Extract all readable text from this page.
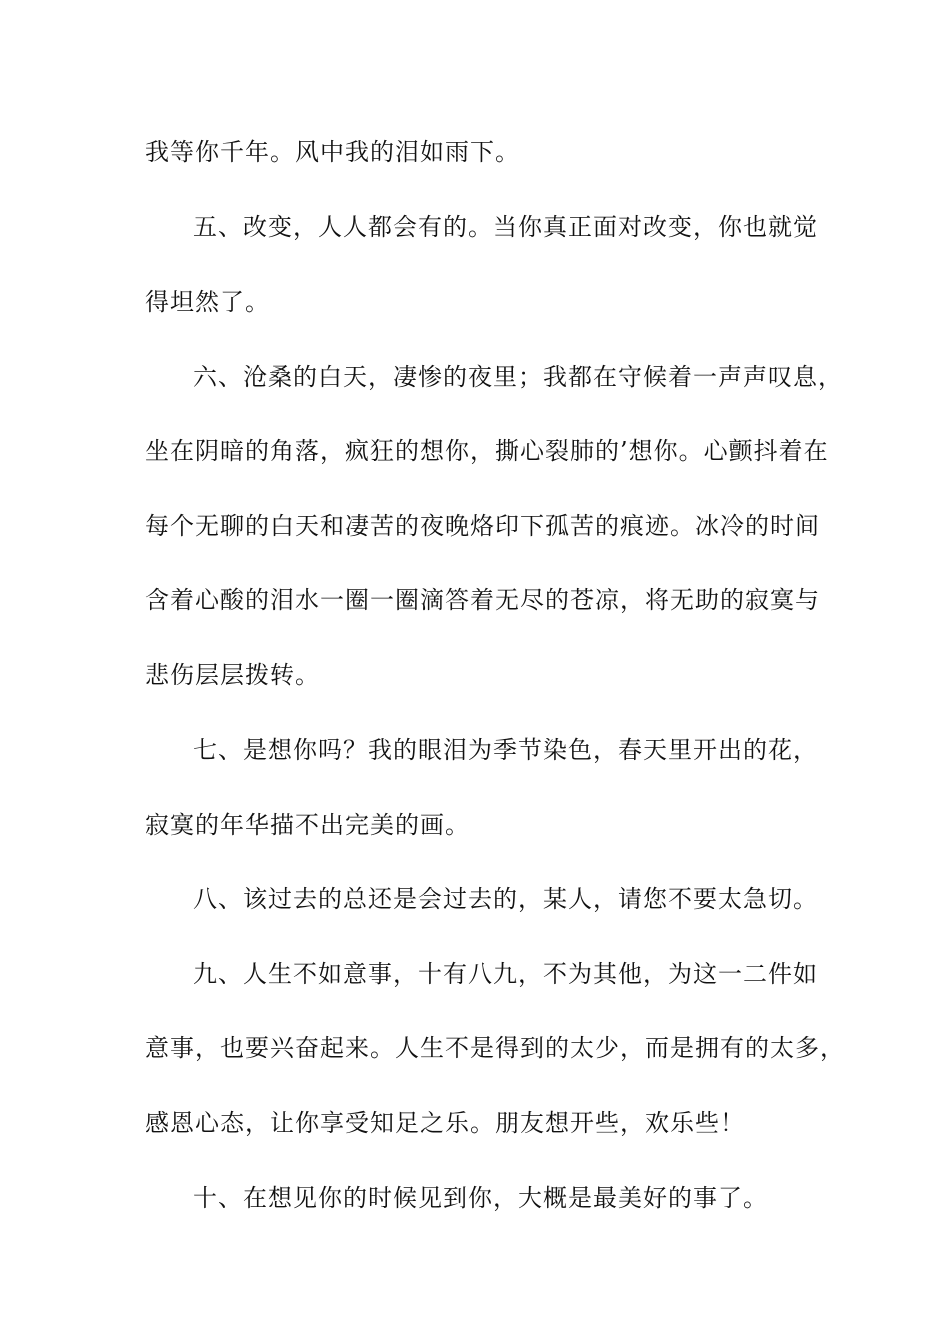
我等你千年。风中我的泪如雨下。
五、改变，人人都会有的。当你真正面对改变，你也就觉
得坦然了。
六、沧桑的白天，凄惨的夜里；我都在守候着一声声叹息，
坐在阴暗的角落，疯狂的想你，撕心裂肺的’想你。心颤抖着在
每个无聊的白天和凄苦的夜晚烙印下孤苦的痕迹。冰冷的时间
含着心酸的泪水一圈一圈滴答着无尽的苍凉，将无助的寂寞与
悲伤层层拨转。
七、是想你吗？我的眼泪为季节染色，春天里开出的花，
寂寞的年华描不出完美的画。
八、该过去的总还是会过去的，某人，请您不要太急切。
九、人生不如意事，十有八九，不为其他，为这一二件如
意事，也要兴奋起来。人生不是得到的太少，而是拥有的太多，
感恩心态，让你享受知足之乐。朋友想开些，欢乐些！
十、在想见你的时候见到你，大概是最美好的事了。
